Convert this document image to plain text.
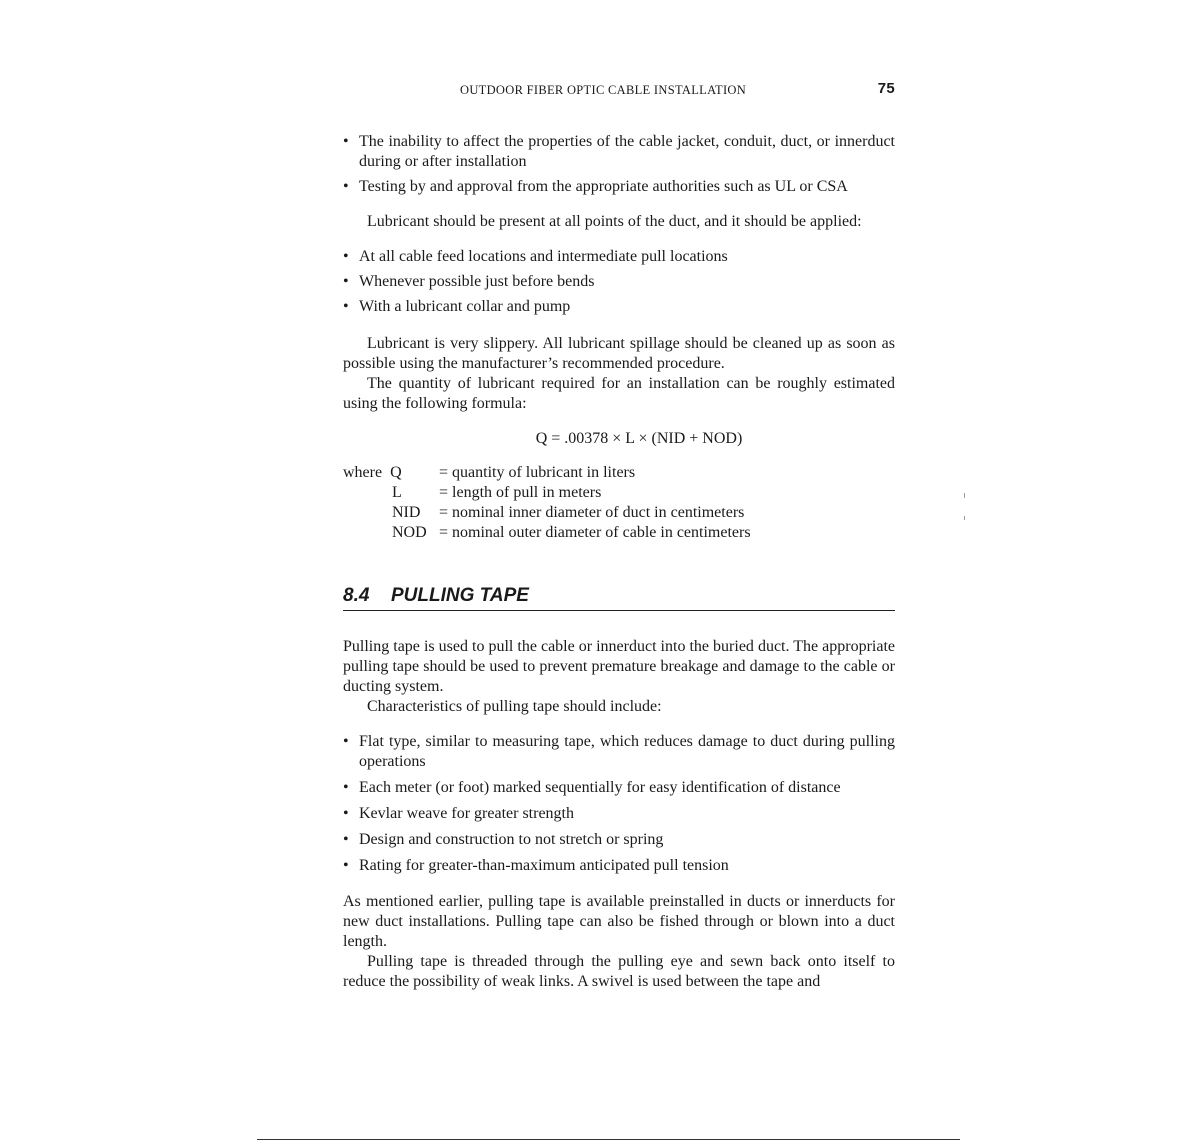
OUTDOOR FIBER OPTIC CABLE INSTALLATION	75
• The inability to affect the properties of the cable jacket, conduit, duct, or innerduct during or after installation
• Testing by and approval from the appropriate authorities such as UL or CSA

Lubricant should be present at all points of the duct, and it should be applied:

• At all cable feed locations and intermediate pull locations
• Whenever possible just before bends
• With a lubricant collar and pump

Lubricant is very slippery. All lubricant spillage should be cleaned up as soon as possible using the manufacturer’s recommended procedure.

The quantity of lubricant required for an installation can be roughly estimated using the following formula:

Q = .00378 × L × (NID + NOD)
where  Q	= quantity of lubricant in liters
L	= length of pull in meters
NID	= nominal inner diameter of duct in centimeters
NOD	= nominal outer diameter of cable in centimeters
8.4 PULLING TAPE

Pulling tape is used to pull the cable or innerduct into the buried duct. The appropriate pulling tape should be used to prevent premature breakage and damage to the cable or ducting system.

Characteristics of pulling tape should include:

• Flat type, similar to measuring tape, which reduces damage to duct during pulling operations
• Each meter (or foot) marked sequentially for easy identification of distance
• Kevlar weave for greater strength
• Design and construction to not stretch or spring
• Rating for greater-than-maximum anticipated pull tension

As mentioned earlier, pulling tape is available preinstalled in ducts or innerducts for new duct installations. Pulling tape can also be fished through or blown into a duct length.

Pulling tape is threaded through the pulling eye and sewn back onto itself to reduce the possibility of weak links. A swivel is used between the tape and
